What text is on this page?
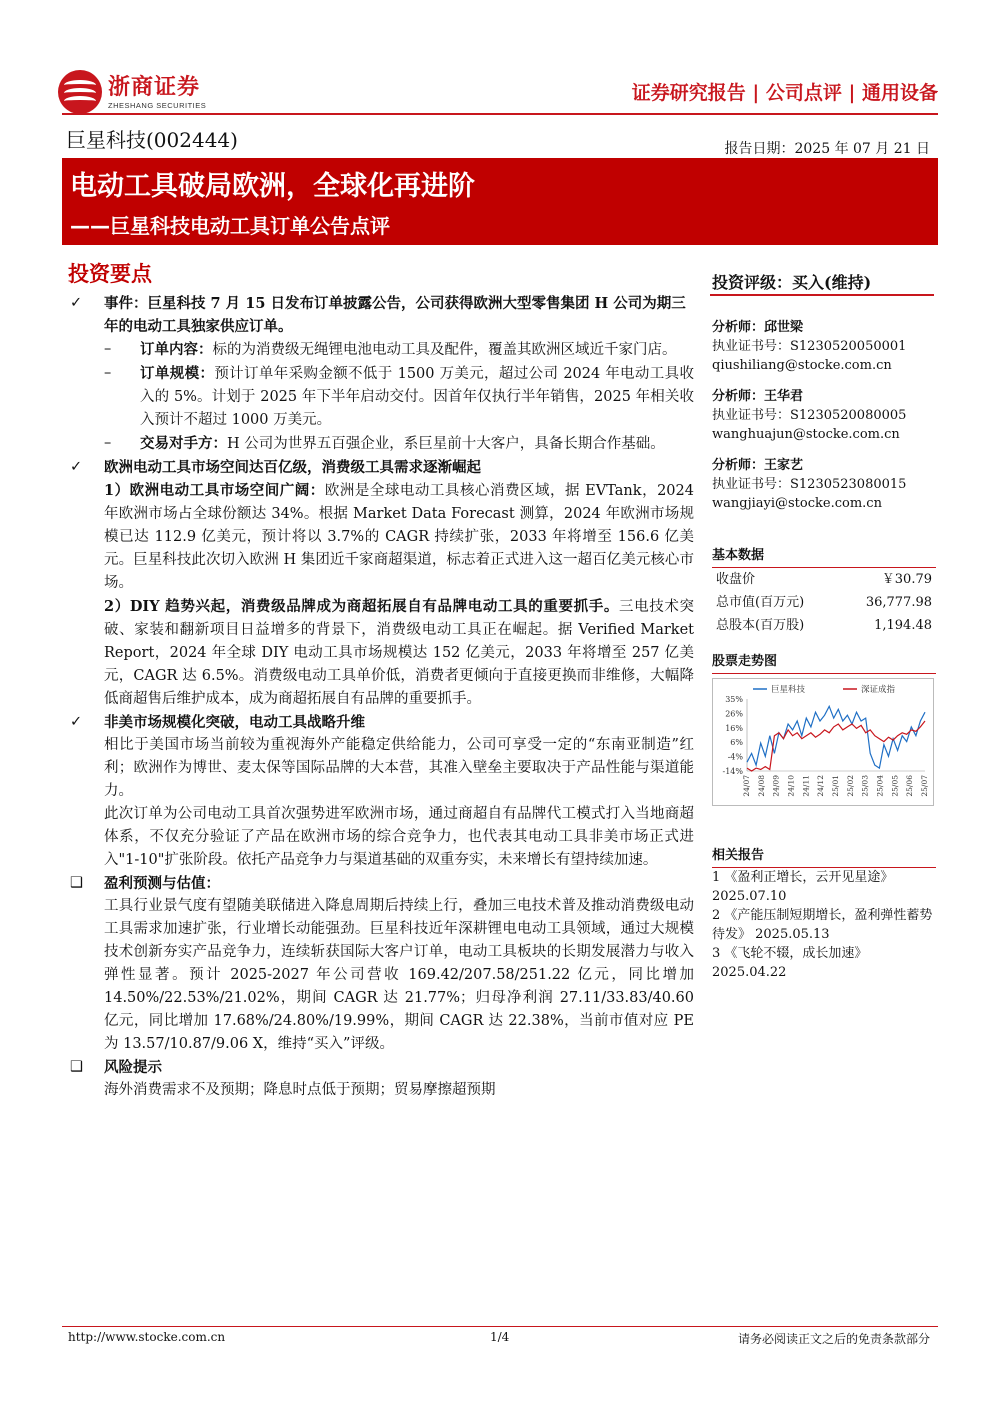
浙商证券
ZHESHANG SECURITIES
证券研究报告 | 公司点评 | 通用设备
巨星科技(002444)	报告日期：2025 年 07 月 21 日
电动工具破局欧洲，全球化再进阶
——巨星科技电动工具订单公告点评
投资要点	投资评级：买入(维持)
✓ 事件：巨星科技 7 月 15 日发布订单披露公告，公司获得欧洲大型零售集团 H 公司为期三年的电动工具独家供应订单。
– 订单内容：标的为消费级无绳锂电池电动工具及配件，覆盖其欧洲区域近千家门店。
– 订单规模：预计订单年采购金额不低于 1500 万美元，超过公司 2024 年电动工具收入的 5%。计划于 2025 年下半年启动交付。因首年仅执行半年销售，2025 年相关收入预计不超过 1000 万美元。
– 交易对手方：H 公司为世界五百强企业，系巨星前十大客户，具备长期合作基础。
✓ 欧洲电动工具市场空间达百亿级，消费级工具需求逐渐崛起
1）欧洲电动工具市场空间广阔：欧洲是全球电动工具核心消费区域，据 EVTank，2024 年欧洲市场占全球份额达 34%。根据 Market Data Forecast 测算，2024 年欧洲市场规模已达 112.9 亿美元，预计将以 3.7%的 CAGR 持续扩张，2033 年将增至 156.6 亿美元。巨星科技此次切入欧洲 H 集团近千家商超渠道，标志着正式进入这一超百亿美元核心市场。
2）DIY 趋势兴起，消费级品牌成为商超拓展自有品牌电动工具的重要抓手。三电技术突破、家装和翻新项目日益增多的背景下，消费级电动工具正在崛起。据 Verified Market Report，2024 年全球 DIY 电动工具市场规模达 152 亿美元，2033 年将增至 257 亿美元，CAGR 达 6.5%。消费级电动工具单价低，消费者更倾向于直接更换而非维修，大幅降低商超售后维护成本，成为商超拓展自有品牌的重要抓手。
✓ 非美市场规模化突破，电动工具战略升维
相比于美国市场当前较为重视海外产能稳定供给能力，公司可享受一定的“东南亚制造”红利；欧洲作为博世、麦太保等国际品牌的大本营，其准入壁垒主要取决于产品性能与渠道能力。
此次订单为公司电动工具首次强势进军欧洲市场，通过商超自有品牌代工模式打入当地商超体系，不仅充分验证了产品在欧洲市场的综合竞争力，也代表其电动工具非美市场正式进入"1-10"扩张阶段。依托产品竞争力与渠道基础的双重夯实，未来增长有望持续加速。
❑ 盈利预测与估值：
工具行业景气度有望随美联储进入降息周期后持续上行，叠加三电技术普及推动消费级电动工具需求加速扩张，行业增长动能强劲。巨星科技近年深耕锂电电动工具领域，通过大规模技术创新夯实产品竞争力，连续斩获国际大客户订单，电动工具板块的长期发展潜力与收入弹性显著。预计 2025-2027 年公司营收 169.42/207.58/251.22 亿元，同比增加 14.50%/22.53%/21.02%，期间 CAGR 达 21.77%；归母净利润 27.11/33.83/40.60 亿元，同比增加 17.68%/24.80%/19.99%，期间 CAGR 达 22.38%，当前市值对应 PE 为 13.57/10.87/9.06 X，维持“买入”评级。
❑ 风险提示
海外消费需求不及预期；降息时点低于预期；贸易摩擦超预期
分析师：邱世梁
执业证书号：S1230520050001
qiushiliang@stocke.com.cn
分析师：王华君
执业证书号：S1230520080005
wanghuajun@stocke.com.cn
分析师：王家艺
执业证书号：S1230523080015
wangjiayi@stocke.com.cn
基本数据
收盘价	￥30.79
总市值(百万元)	36,777.98
总股本(百万股)	1,194.48
股票走势图
35%
26%
16%
6%
-4%
-14%
24/07 24/08 24/09 24/10 24/11 24/12 25/01 25/02 25/03 25/04 25/05 25/06 25/07
巨星科技	深证成指
相关报告
1 《盈利正增长，云开见星途》 2025.07.10
2 《产能压制短期增长，盈利弹性蓄势待发》 2025.05.13
3 《飞轮不辍，成长加速》 2025.04.22
http://www.stocke.com.cn	1/4	请务必阅读正文之后的免责条款部分
